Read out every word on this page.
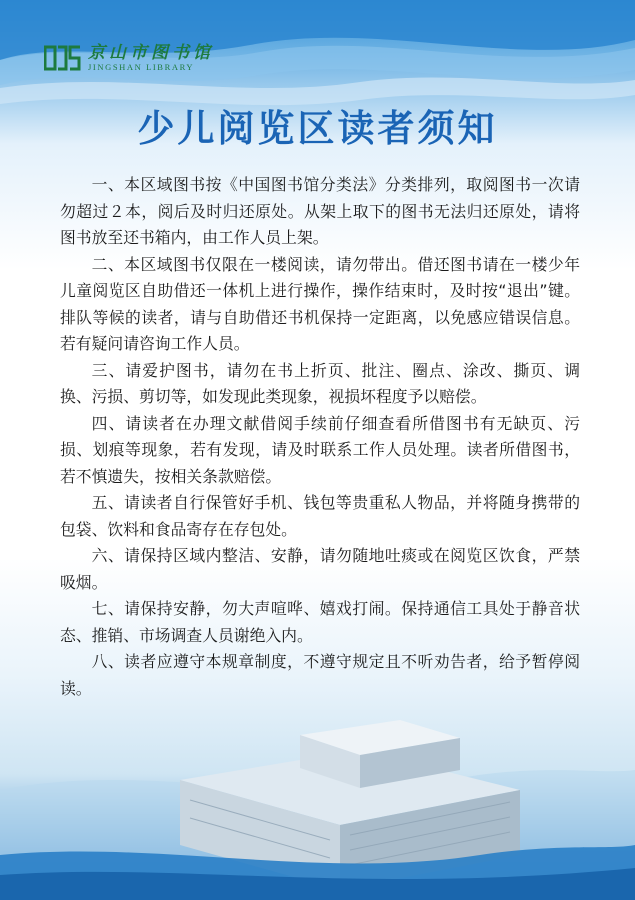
京山市图书馆
JINGSHAN LIBRARY
少儿阅览区读者须知

一、本区域图书按《中国图书馆分类法》分类排列，取阅图书一次请勿超过２本，阅后及时归还原处。从架上取下的图书无法归还原处，请将图书放至还书箱内，由工作人员上架。

二、本区域图书仅限在一楼阅读，请勿带出。借还图书请在一楼少年儿童阅览区自助借还一体机上进行操作，操作结束时，及时按“退出”键。排队等候的读者，请与自助借还书机保持一定距离，以免感应错误信息。若有疑问请咨询工作人员。

三、请爱护图书，请勿在书上折页、批注、圈点、涂改、撕页、调换、污损、剪切等，如发现此类现象，视损坏程度予以赔偿。

四、请读者在办理文献借阅手续前仔细查看所借图书有无缺页、污损、划痕等现象，若有发现，请及时联系工作人员处理。读者所借图书，若不慎遗失，按相关条款赔偿。

五、请读者自行保管好手机、钱包等贵重私人物品，并将随身携带的包袋、饮料和食品寄存在存包处。

六、请保持区域内整洁、安静，请勿随地吐痰或在阅览区饮食，严禁吸烟。

七、请保持安静，勿大声喧哗、嬉戏打闹。保持通信工具处于静音状态、推销、市场调查人员谢绝入内。

八、读者应遵守本规章制度，不遵守规定且不听劝告者，给予暂停阅读。
